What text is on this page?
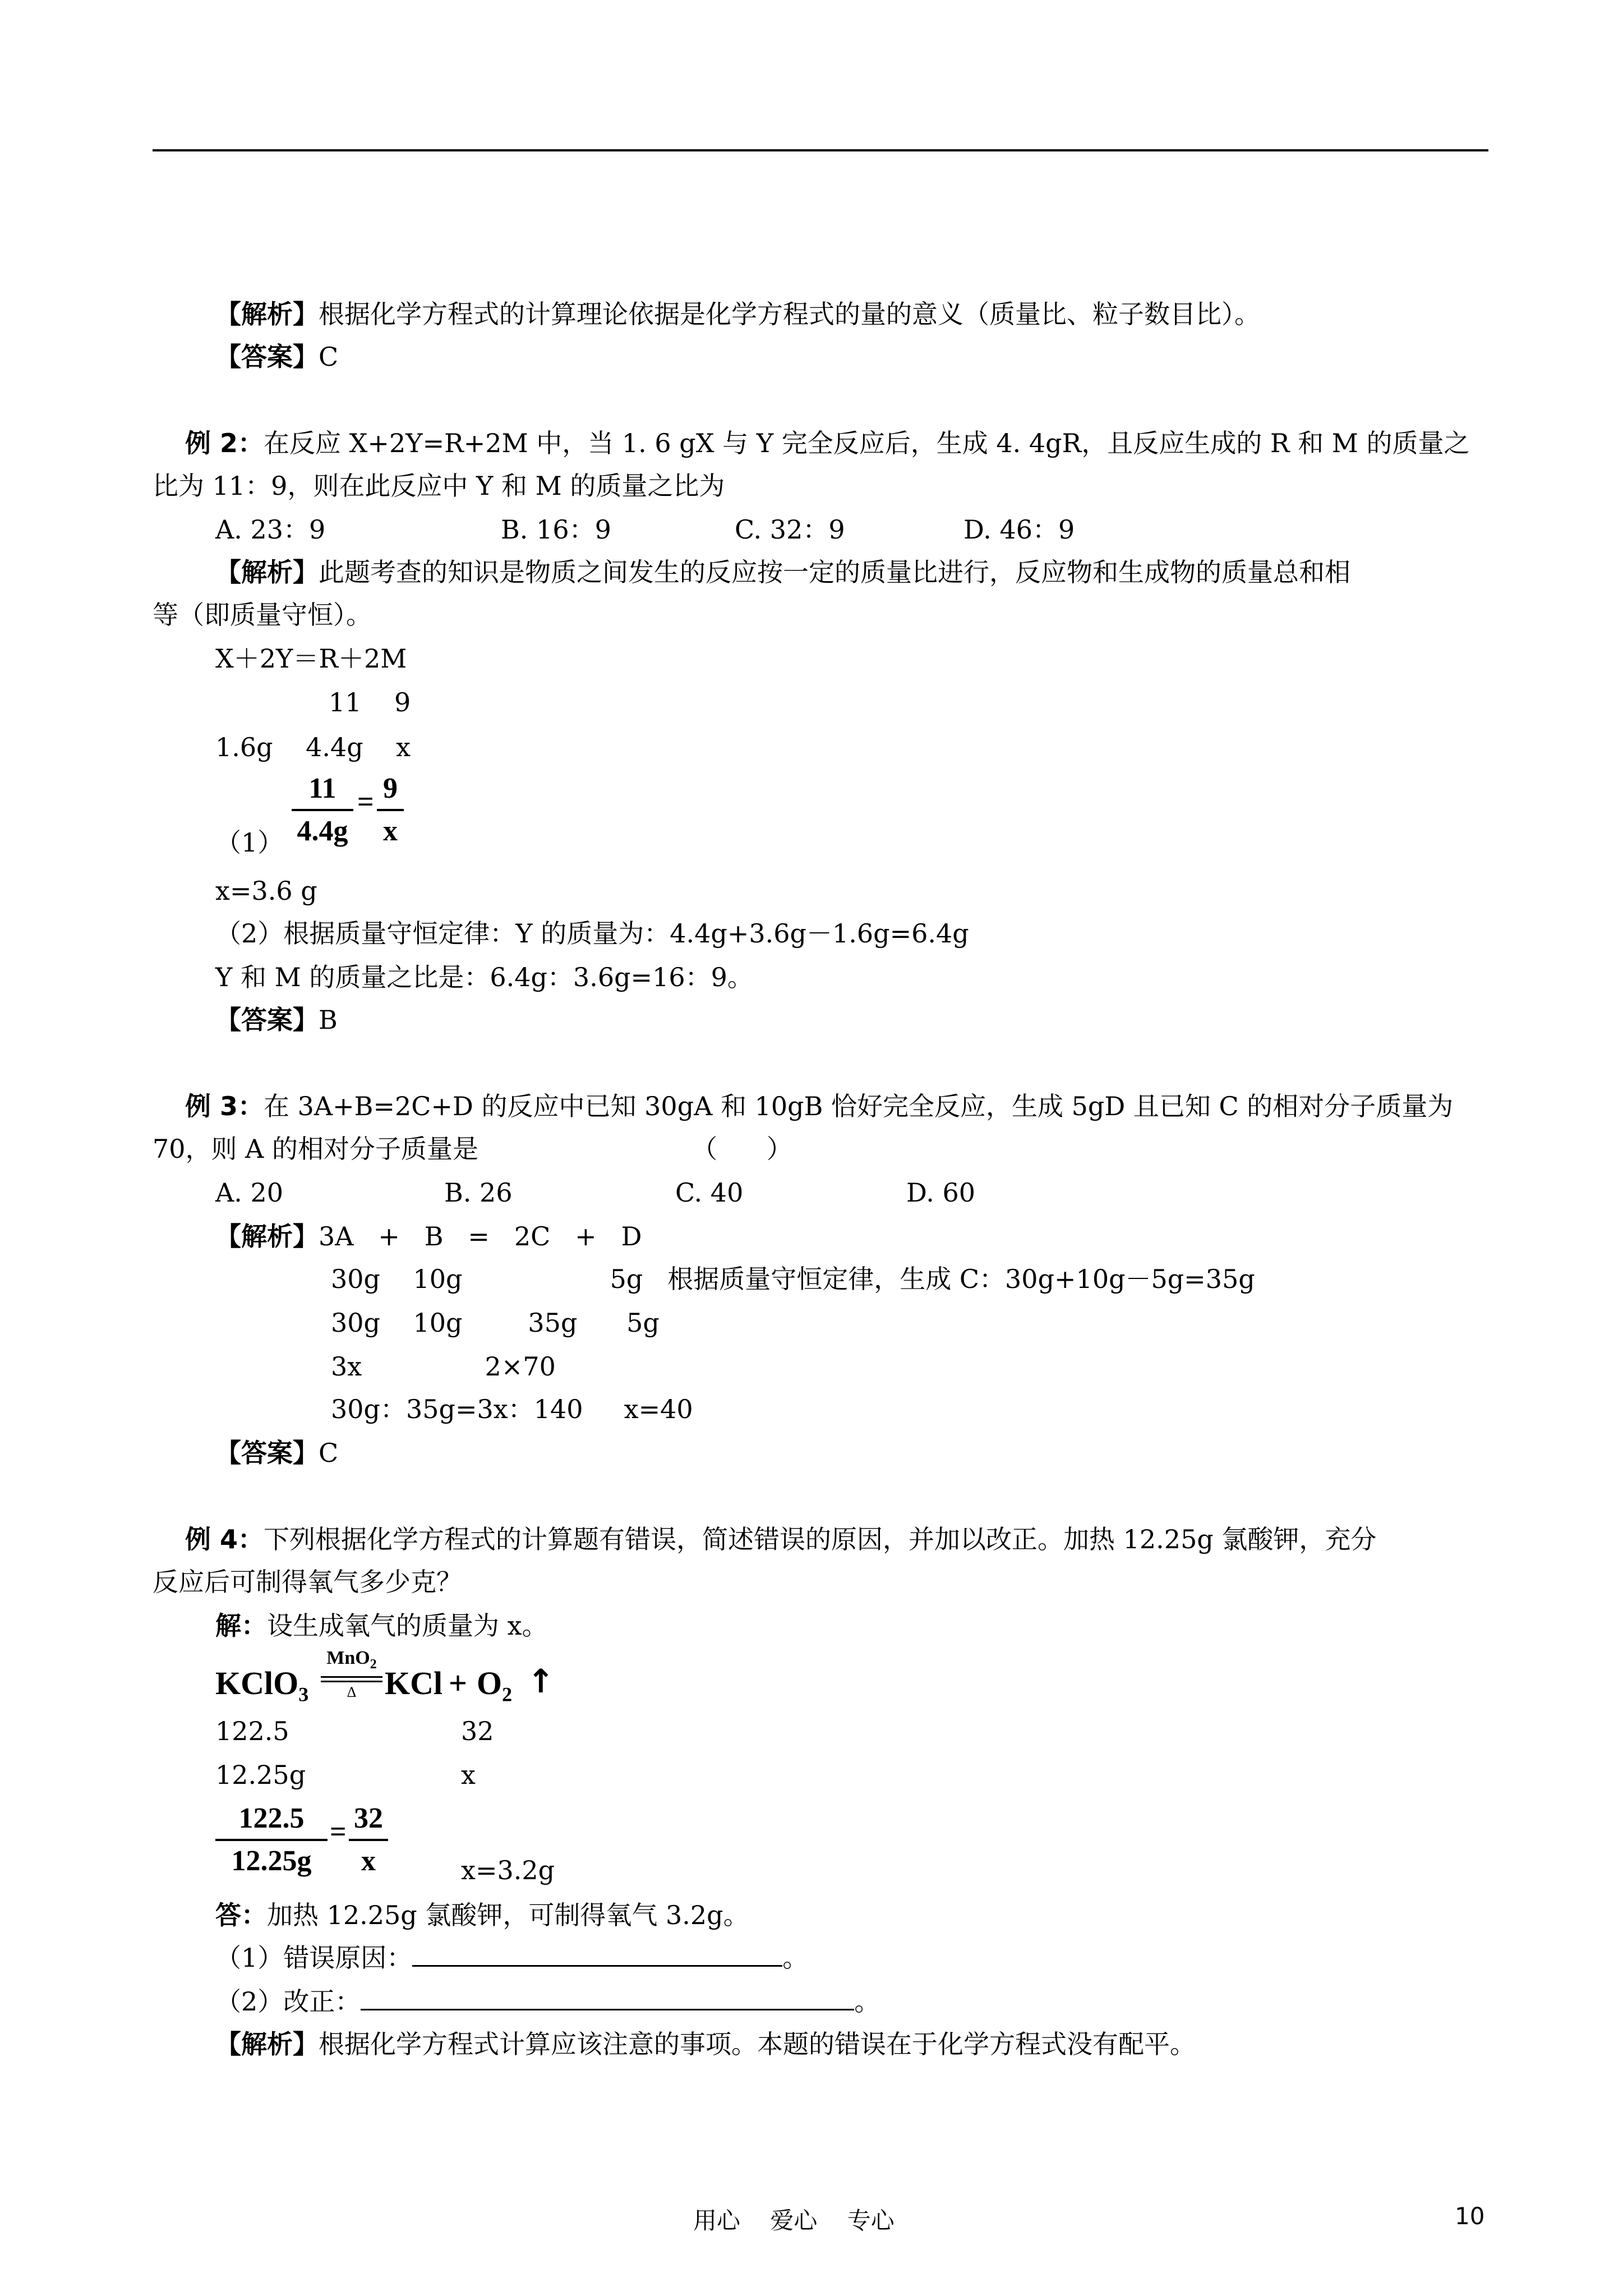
【解析】根据化学方程式的计算理论依据是化学方程式的量的意义（质量比、粒子数目比）。
【答案】C
例 2：在反应 X+2Y=R+2M 中，当 1. 6 gX 与 Y 完全反应后，生成 4. 4gR，且反应生成的 R 和 M 的质量之
比为 11：9，则在此反应中 Y 和 M 的质量之比为
A. 23：9	B. 16：9	C. 32：9	D. 46：9
【解析】此题考查的知识是物质之间发生的反应按一定的质量比进行，反应物和生成物的质量总和相
等（即质量守恒）。
X＋2Y＝R＋2M
11    9
1.6g    4.4g    x
（1）
11
4.4g
= 9
x
x=3.6 g
（2）根据质量守恒定律：Y 的质量为：4.4g+3.6g－1.6g=6.4g
Y 和 M 的质量之比是：6.4g：3.6g=16：9。
【答案】B
例 3：在 3A+B=2C+D 的反应中已知 30gA 和 10gB 恰好完全反应，生成 5gD 且已知 C 的相对分子质量为
70，则 A 的相对分子质量是                          （      ）
A. 20	B. 26	C. 40	D. 60
【解析】3A   +   B   =   2C   +   D
30g    10g                  5g   根据质量守恒定律，生成 C：30g+10g－5g=35g
30g    10g        35g      5g
3x               2×70
30g：35g=3x：140     x=40
【答案】C
例 4：下列根据化学方程式的计算题有错误，简述错误的原因，并加以改正。加热 12.25g 氯酸钾，充分
反应后可制得氧气多少克？
解：设生成氧气的质量为 x。
KClO$_3$
MnO$_2$
Δ KCl + $O_2$ ↑
122.5	32
12.25g	x
122.5
12.25g
= 32
x	x=3.2g
答：加热 12.25g 氯酸钾，可制得氧气 3.2g。
（1）错误原因：	。
（2）改正：	。
【解析】根据化学方程式计算应该注意的事项。本题的错误在于化学方程式没有配平。
用心    爱心    专心	10
